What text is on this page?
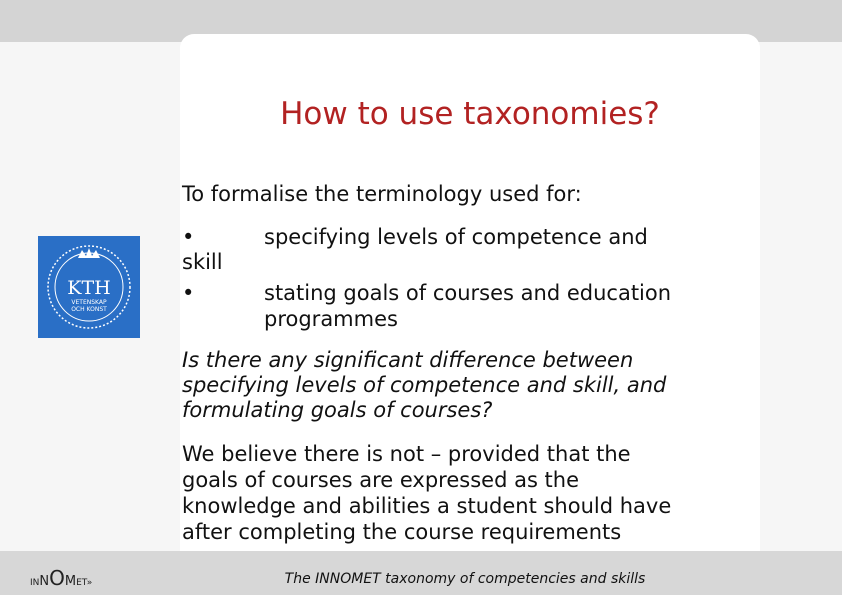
How to use taxonomies?
To formalise the terminology used for:
•	specifying levels of competence and
skill
•	stating goals of courses and education
programmes
Is there any significant difference between
specifying levels of competence and skill, and
formulating goals of courses?
We believe there is not – provided that the
goals of courses are expressed as the
knowledge and abilities a student should have
after completing the course requirements
KTH
VETENSKAP
OCH KONST
INNOMET»	The INNOMET taxonomy of competencies and skills
